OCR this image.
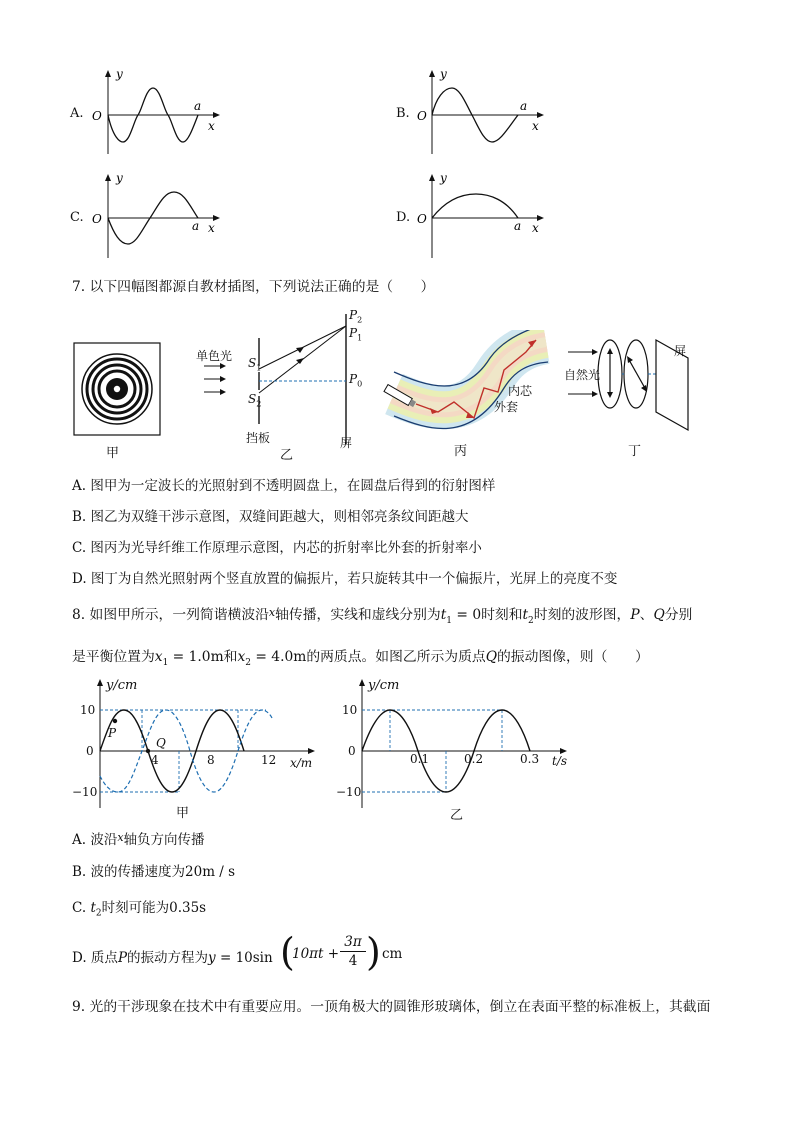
A.
y
O
a
x
B.
y
O
a
x
C.
y
O	a x
D.
y
O	a x
7. 以下四幅图都源自教材插图，下列说法正确的是（　　）
甲
单色光 $S_1$
$S_2$
$P_2$
$P_1$
$P_0$
挡板	屏
乙
内芯
外套
丙
自然光
屏
丁
A. 图甲为一定波长的光照射到不透明圆盘上，在圆盘后得到的衍射图样
B. 图乙为双缝干涉示意图，双缝间距越大，则相邻亮条纹间距越大
C. 图丙为光导纤维工作原理示意图，内芯的折射率比外套的折射率小
D. 图丁为自然光照射两个竖直放置的偏振片，若只旋转其中一个偏振片，光屏上的亮度不变
8. 如图甲所示，一列简谐横波沿$^x$轴传播，实线和虚线分别为$t_1 = 0$时刻和$t_2$时刻的波形图，P、Q分别
是平衡位置为$x_1 = 1.0m$和$x_2 = 4.0m$的两质点。如图乙所示为质点Q的振动图像，则（　　）
y/cm
10
0
−10
4	8	12 x/m
P
Q
甲
y/cm
10
0
−10
0.1	0.2	0.3 t/s
乙
A. 波沿$^x$轴负方向传播
B. 波的传播速度为20m / s
C. $t_2$时刻可能为0.35s
D. 质点P的振动方程为y = 10sin (
10πt +
3π
4 ) cm
9. 光的干涉现象在技术中有重要应用。一顶角极大的圆锥形玻璃体，倒立在表面平整的标准板上，其截面
